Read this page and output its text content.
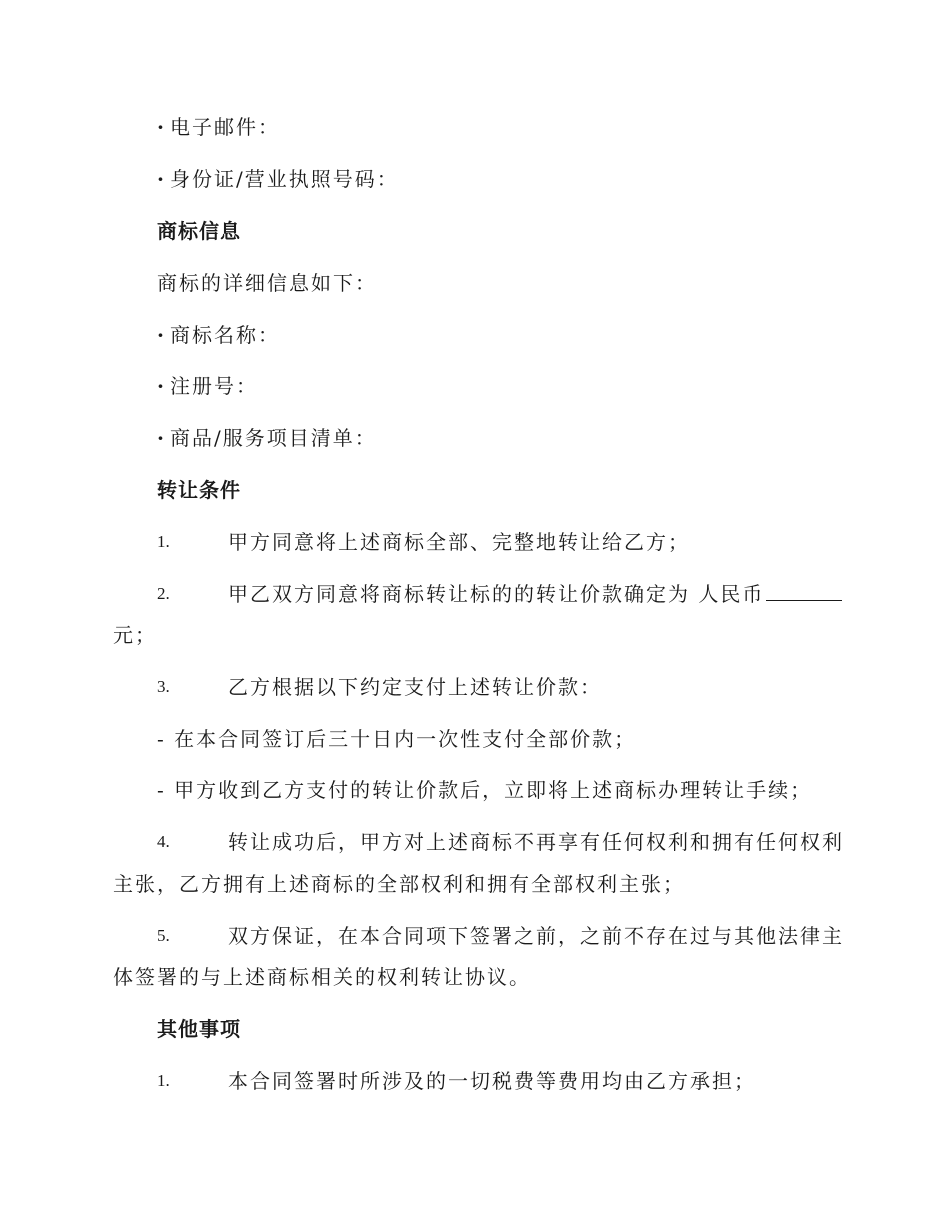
· 电子邮件：
· 身份证/营业执照号码：
商标信息
商标的详细信息如下：
· 商标名称：
· 注册号：
· 商品/服务项目清单：
转让条件
1.	甲方同意将上述商标全部、完整地转让给乙方；
2.	甲乙双方同意将商标转让标的的转让价款确定为 人民币
元；
3.	乙方根据以下约定支付上述转让价款：
- 在本合同签订后三十日内一次性支付全部价款；
- 甲方收到乙方支付的转让价款后，立即将上述商标办理转让手续；
4.	转让成功后，甲方对上述商标不再享有任何权利和拥有任何权利
主张，乙方拥有上述商标的全部权利和拥有全部权利主张；
5.	双方保证，在本合同项下签署之前，之前不存在过与其他法律主
体签署的与上述商标相关的权利转让协议。
其他事项
1.	本合同签署时所涉及的一切税费等费用均由乙方承担；
